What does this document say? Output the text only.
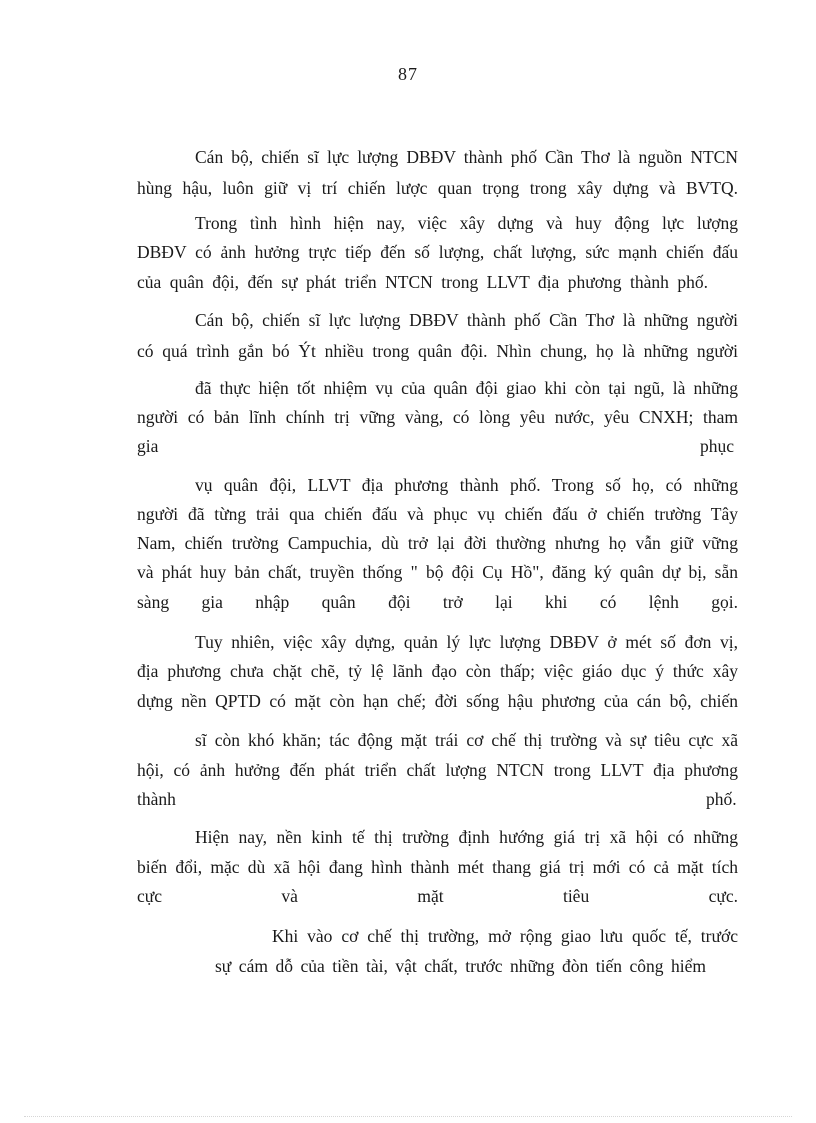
87
Cán bộ, chiến sĩ lực lượng DBĐV thành phố Cần Thơ là nguồn NTCN
hùng hậu, luôn giữ vị trí chiến lược quan trọng trong xây dựng và BVTQ.
Trong tình hình hiện nay, việc xây dựng và huy động lực lượng
DBĐV có ảnh hưởng trực tiếp đến số lượng, chất lượng, sức mạnh chiến đấu
của quân đội, đến sự phát triển NTCN trong LLVT địa phương thành phố.
Cán bộ, chiến sĩ lực lượng DBĐV thành phố Cần Thơ là những người
có quá trình gắn bó Ýt nhiều trong quân đội. Nhìn chung, họ là những người
đã thực hiện tốt nhiệm vụ của quân đội giao khi còn tại ngũ, là những
người có bản lĩnh chính trị vững vàng, có lòng yêu nước, yêu CNXH; tham
gia	phục
vụ quân đội, LLVT địa phương thành phố. Trong số họ, có những
người đã từng trải qua chiến đấu và phục vụ chiến đấu ở chiến trường Tây
Nam, chiến trường Campuchia, dù trở lại đời thường nhưng họ vẫn giữ vững
và phát huy bản chất, truyền thống " bộ đội Cụ Hồ", đăng ký quân dự bị, sẵn
sàng gia nhập quân đội trở lại khi có lệnh gọi.
Tuy nhiên, việc xây dựng, quản lý lực lượng DBĐV ở mét số đơn vị,
địa phương chưa chặt chẽ, tỷ lệ lãnh đạo còn thấp; việc giáo dục ý thức xây
dựng nền QPTD có mặt còn hạn chế; đời sống hậu phương của cán bộ, chiến
sĩ còn khó khăn; tác động mặt trái cơ chế thị trường và sự tiêu cực xã
hội, có ảnh hưởng đến phát triển chất lượng NTCN trong LLVT địa phương
thành	phố.
Hiện nay, nền kinh tế thị trường định hướng giá trị xã hội có những
biến đổi, mặc dù xã hội đang hình thành mét thang giá trị mới có cả mặt tích
cực và mặt tiêu cực.
Khi vào cơ chế thị trường, mở rộng giao lưu quốc tế, trước
sự cám dỗ của tiền tài, vật chất, trước những đòn tiến công hiểm
